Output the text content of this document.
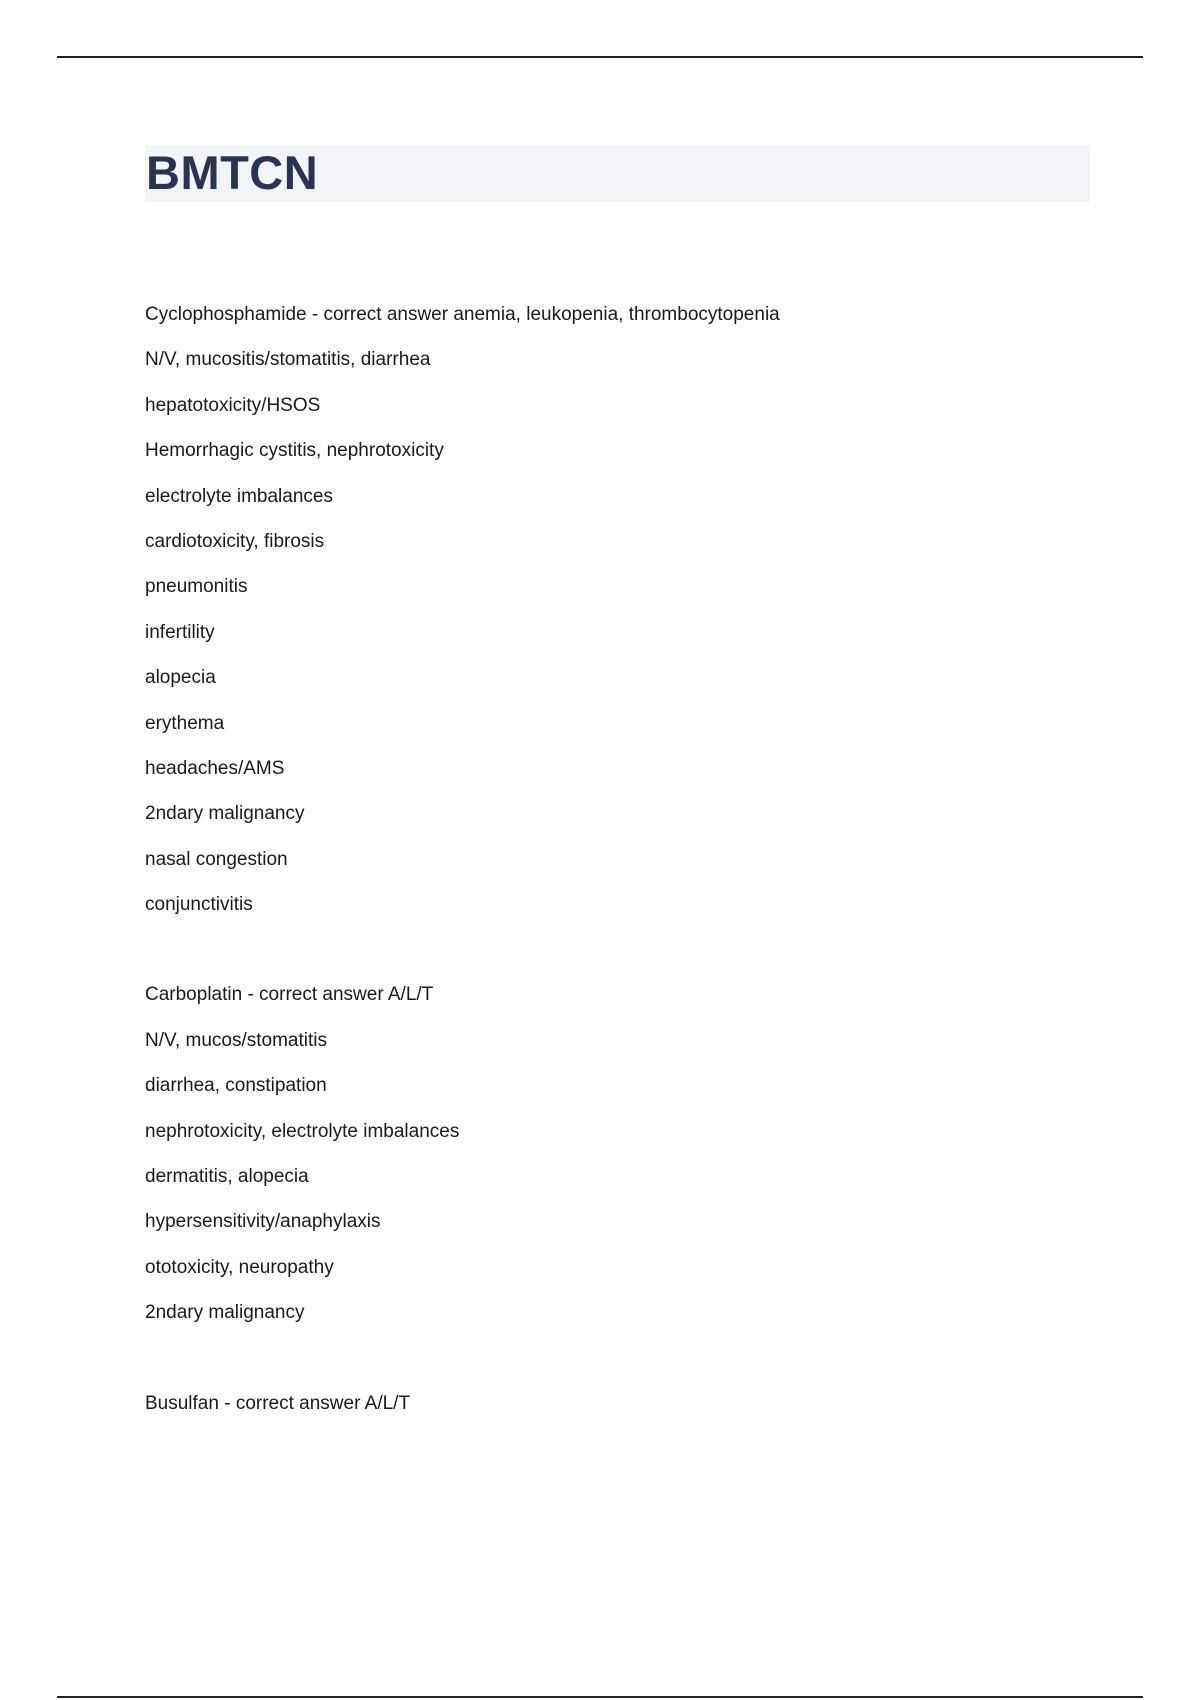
BMTCN
Cyclophosphamide - correct answer anemia, leukopenia, thrombocytopenia
N/V, mucositis/stomatitis, diarrhea
hepatotoxicity/HSOS
Hemorrhagic cystitis, nephrotoxicity
electrolyte imbalances
cardiotoxicity, fibrosis
pneumonitis
infertility
alopecia
erythema
headaches/AMS
2ndary malignancy
nasal congestion
conjunctivitis
Carboplatin - correct answer A/L/T
N/V, mucos/stomatitis
diarrhea, constipation
nephrotoxicity, electrolyte imbalances
dermatitis, alopecia
hypersensitivity/anaphylaxis
ototoxicity, neuropathy
2ndary malignancy
Busulfan - correct answer A/L/T
